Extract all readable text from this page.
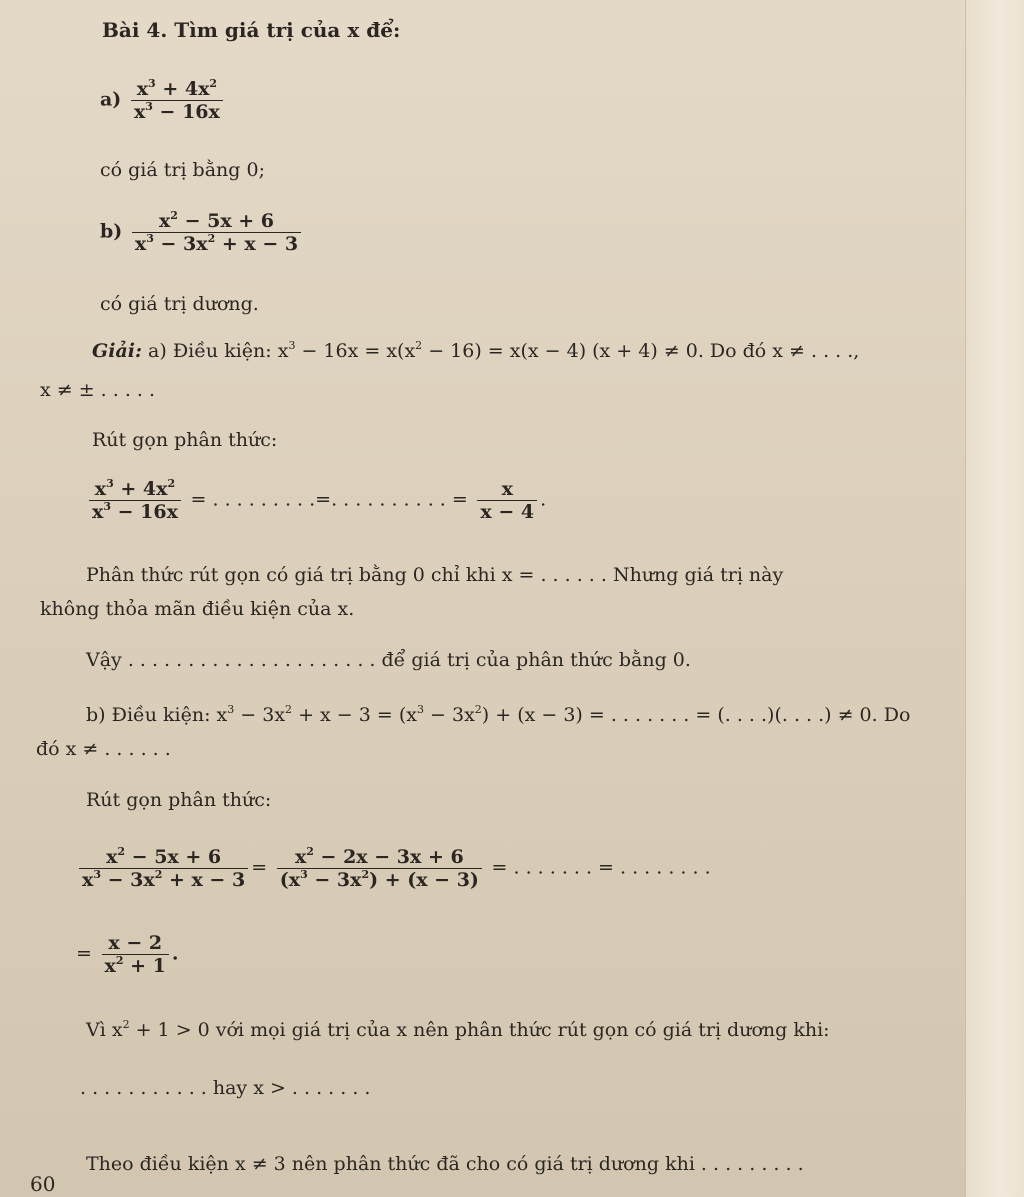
Bài 4. Tìm giá trị của x để:
$a) \frac{x^3 + 4x^2}{x^3 - 16x}$
có giá trị bằng 0;
$b) \frac{x^2 - 5x + 6}{x^3 - 3x^2 + x - 3}$
có giá trị dương.
Giải: a) Điều kiện: $x^3 - 16x = x(x^2 - 16) = x(x - 4) (x + 4) \ne 0$. Do đó x ≠ . . . .,
x ≠ ± . . . . .
Rút gọn phân thức:
$\frac{x^3 + 4x^2}{x^3 - 16x}$ = . . . . . . . . .=. . . . . . . . . . = $\frac{x}{x - 4}$ .
Phân thức rút gọn có giá trị bằng 0 chỉ khi x = . . . . . . Nhưng giá trị này
không thỏa mãn điều kiện của x.
Vậy . . . . . . . . . . . . . . . . . . . . . để giá trị của phân thức bằng 0.
b) Điều kiện: $x^3 - 3x^2 + x - 3 = (x^3 - 3x^2) + (x - 3)$ = . . . . . . . = (. . . .)(. . . .) ≠ 0. Do
đó x ≠ . . . . . .
Rút gọn phân thức:
$\frac{x^2 - 5x + 6}{x^3 - 3x^2 + x - 3} = \frac{x^2 - 2x - 3x + 6}{(x^3 - 3x^2) + (x - 3)}$ = . . . . . . . = . . . . . . . .
= $\frac{x - 2}{x^2 + 1}$ .
Vì $x^2 + 1 > 0$ với mọi giá trị của x nên phân thức rút gọn có giá trị dương khi:
. . . . . . . . . . . hay x > . . . . . . .
Theo điều kiện x ≠ 3 nên phân thức đã cho có giá trị dương khi . . . . . . . . .
60
